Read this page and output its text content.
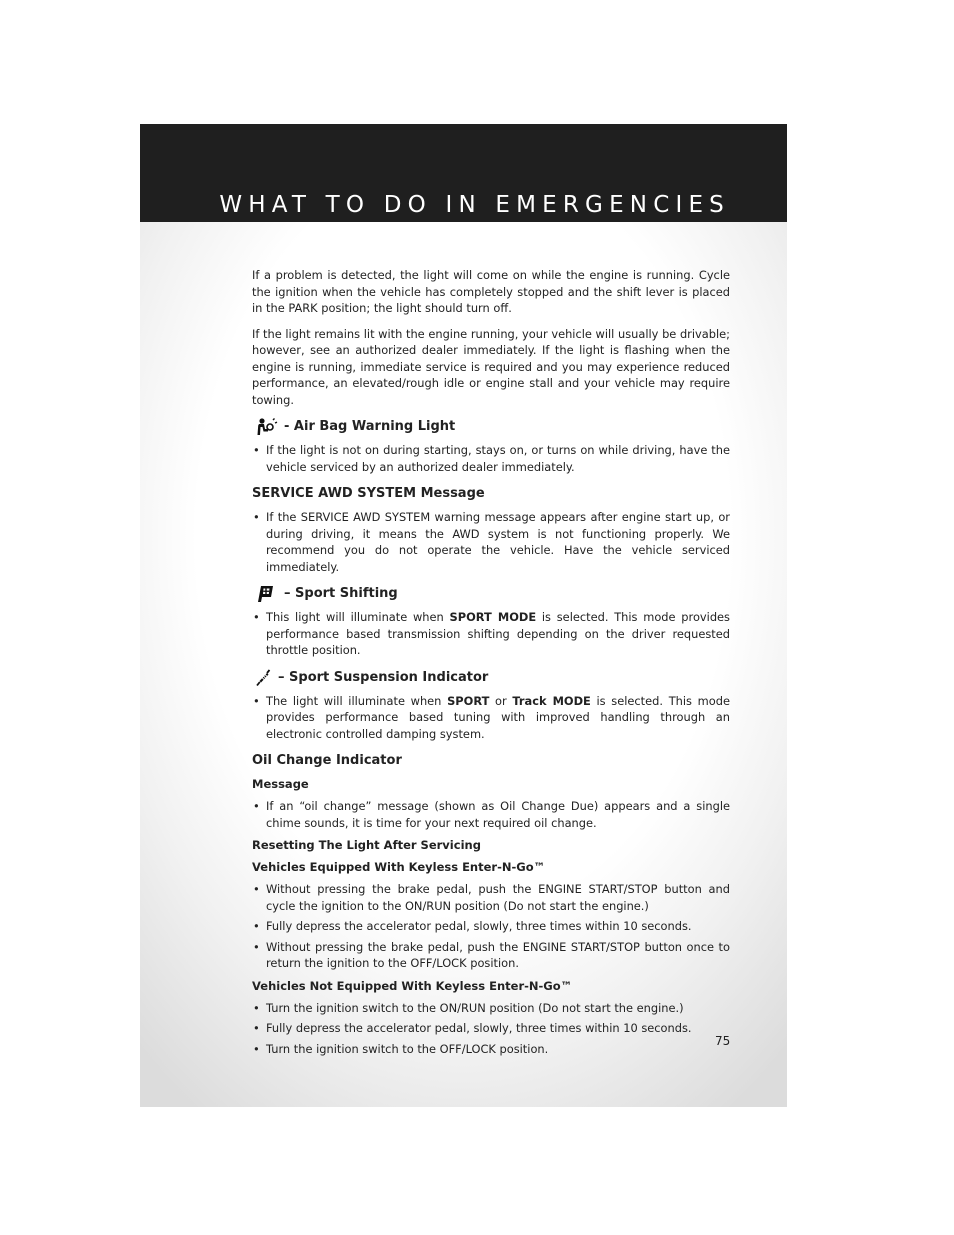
WHAT TO DO IN EMERGENCIES

If a problem is detected, the light will come on while the engine is running. Cycle the ignition when the vehicle has completely stopped and the shift lever is placed in the PARK position; the light should turn off.

If the light remains lit with the engine running, your vehicle will usually be drivable; however, see an authorized dealer immediately. If the light is flashing when the engine is running, immediate service is required and you may experience reduced performance, an elevated/rough idle or engine stall and your vehicle may require towing.

- Air Bag Warning Light
• If the light is not on during starting, stays on, or turns on while driving, have the vehicle serviced by an authorized dealer immediately.
SERVICE AWD SYSTEM Message
• If the SERVICE AWD SYSTEM warning message appears after engine start up, or during driving, it means the AWD system is not functioning properly. We recommend you do not operate the vehicle. Have the vehicle serviced immediately.
– Sport Shifting
• This light will illuminate when SPORT MODE is selected. This mode provides performance based transmission shifting depending on the driver requested throttle position.
– Sport Suspension Indicator
• The light will illuminate when SPORT or Track MODE is selected. This mode provides performance based tuning with improved handling through an electronic controlled damping system.
Oil Change Indicator
Message
• If an “oil change” message (shown as Oil Change Due) appears and a single chime sounds, it is time for your next required oil change.
Resetting The Light After Servicing
Vehicles Equipped With Keyless Enter-N-Go™
• Without pressing the brake pedal, push the ENGINE START/STOP button and cycle the ignition to the ON/RUN position (Do not start the engine.)
• Fully depress the accelerator pedal, slowly, three times within 10 seconds.
• Without pressing the brake pedal, push the ENGINE START/STOP button once to return the ignition to the OFF/LOCK position.
Vehicles Not Equipped With Keyless Enter-N-Go™
• Turn the ignition switch to the ON/RUN position (Do not start the engine.)
• Fully depress the accelerator pedal, slowly, three times within 10 seconds.
• Turn the ignition switch to the OFF/LOCK position.
75
